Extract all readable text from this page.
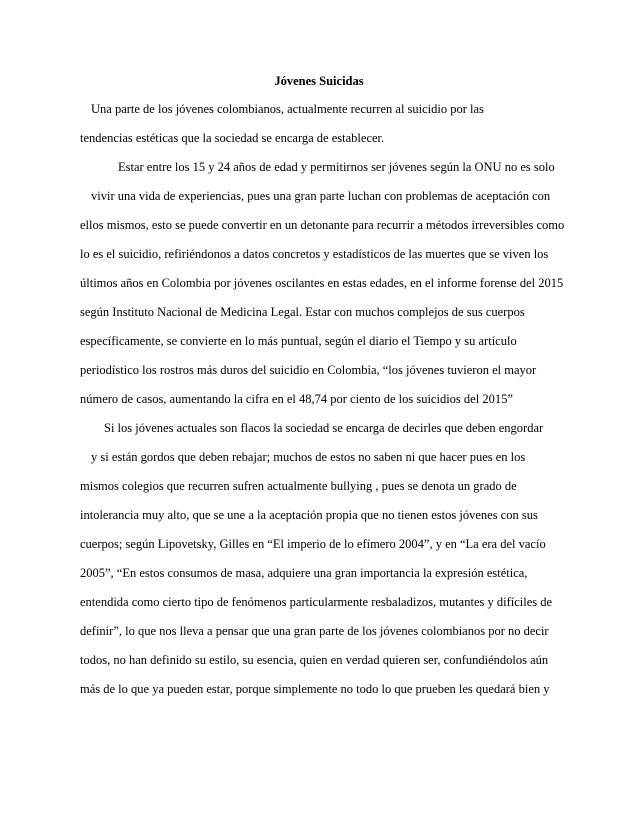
Jóvenes Suicidas
Una parte de los jóvenes colombianos, actualmente recurren al suicidio por las
tendencias estéticas que la sociedad se encarga de establecer.
Estar entre los 15 y 24 años de edad y permitirnos ser jóvenes según la ONU no es solo
vivir una vida de experiencias, pues una gran parte luchan con problemas de aceptación con
ellos mismos, esto se puede convertir en un detonante para recurrir a métodos irreversibles como
lo es el suicidio, refiriéndonos a datos concretos y estadísticos de las muertes que se viven los
últimos años en Colombia por jóvenes oscilantes en estas edades, en el informe forense del 2015
según Instituto Nacional de Medicina Legal. Estar con muchos complejos de sus cuerpos
específicamente, se convierte en lo más puntual, según el diario el Tiempo y su artículo
periodístico los rostros más duros del suicidio en Colombia, “los jóvenes tuvieron el mayor
número de casos, aumentando la cifra en el 48,74 por ciento de los suicidios del 2015”
Si los jóvenes actuales son flacos la sociedad se encarga de decirles que deben engordar
y si están gordos que deben rebajar; muchos de estos no saben ni que hacer pues en los
mismos colegios que recurren sufren actualmente bullying , pues se denota un grado de
intolerancia muy alto, que se une a la aceptación propia que no tienen estos jóvenes con sus
cuerpos; según Lipovetsky, Gilles en “El imperio de lo efímero 2004”, y en “La era del vacío
2005”, “En estos consumos de masa, adquiere una gran importancia la expresión estética,
entendida como cierto tipo de fenómenos particularmente resbaladizos, mutantes y difíciles de
definir”, lo que nos lleva a pensar que una gran parte de los jóvenes colombianos por no decir
todos, no han definido su estilo, su esencia, quien en verdad quieren ser, confundiéndolos aún
más de lo que ya pueden estar, porque simplemente no todo lo que prueben les quedará bien y
